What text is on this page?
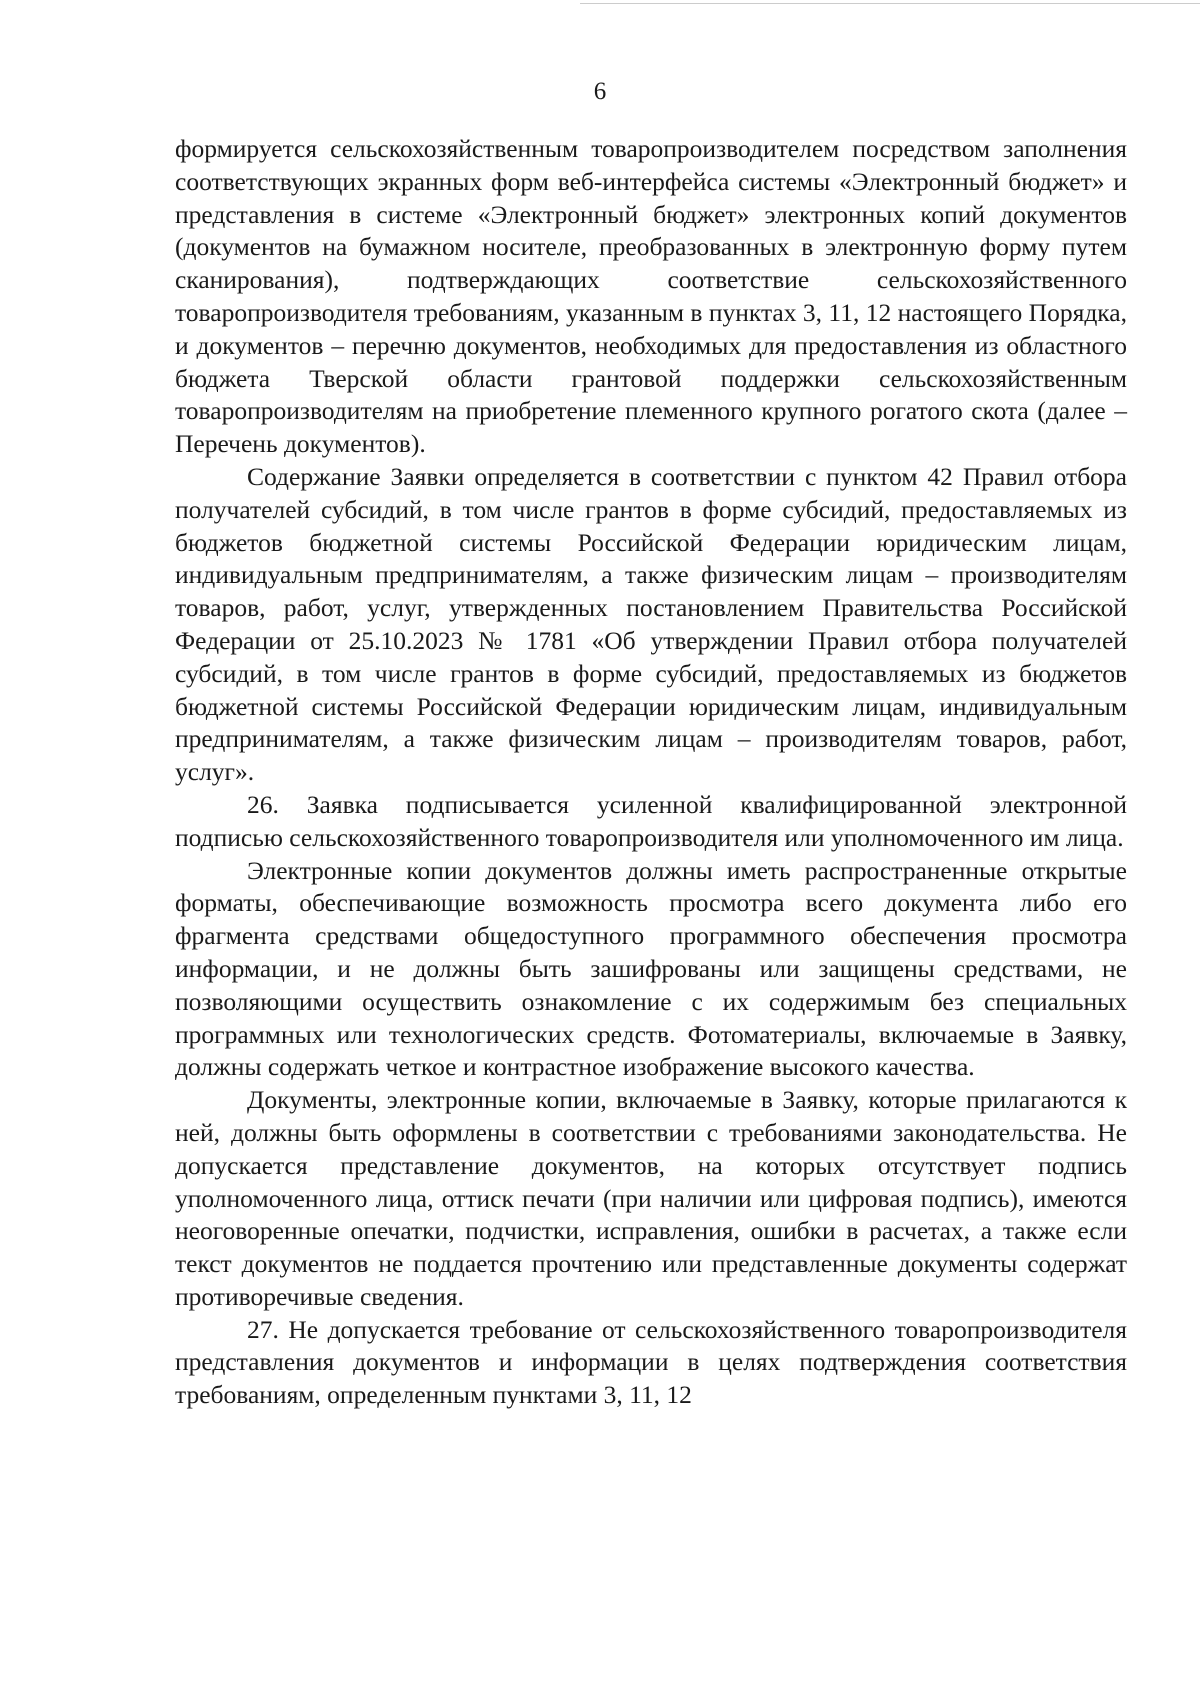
6

формируется сельскохозяйственным товаропроизводителем посредством заполнения соответствующих экранных форм веб-интерфейса системы «Электронный бюджет» и представления в системе «Электронный бюджет» электронных копий документов (документов на бумажном носителе, преобразованных в электронную форму путем сканирования), подтверждающих соответствие сельскохозяйственного товаропроизводителя требованиям, указанным в пунктах 3, 11, 12 настоящего Порядка, и документов – перечню документов, необходимых для предоставления из областного бюджета Тверской области грантовой поддержки сельскохозяйственным товаропроизводителям на приобретение племенного крупного рогатого скота (далее – Перечень документов).

Содержание Заявки определяется в соответствии с пунктом 42 Правил отбора получателей субсидий, в том числе грантов в форме субсидий, предоставляемых из бюджетов бюджетной системы Российской Федерации юридическим лицам, индивидуальным предпринимателям, а также физическим лицам – производителям товаров, работ, услуг, утвержденных постановлением Правительства Российской Федерации от 25.10.2023 № 1781 «Об утверждении Правил отбора получателей субсидий, в том числе грантов в форме субсидий, предоставляемых из бюджетов бюджетной системы Российской Федерации юридическим лицам, индивидуальным предпринимателям, а также физическим лицам – производителям товаров, работ, услуг».

26. Заявка подписывается усиленной квалифицированной электронной подписью сельскохозяйственного товаропроизводителя или уполномоченного им лица.

Электронные копии документов должны иметь распространенные открытые форматы, обеспечивающие возможность просмотра всего документа либо его фрагмента средствами общедоступного программного обеспечения просмотра информации, и не должны быть зашифрованы или защищены средствами, не позволяющими осуществить ознакомление с их содержимым без специальных программных или технологических средств. Фотоматериалы, включаемые в Заявку, должны содержать четкое и контрастное изображение высокого качества.

Документы, электронные копии, включаемые в Заявку, которые прилагаются к ней, должны быть оформлены в соответствии с требованиями законодательства. Не допускается представление документов, на которых отсутствует подпись уполномоченного лица, оттиск печати (при наличии или цифровая подпись), имеются неоговоренные опечатки, подчистки, исправления, ошибки в расчетах, а также если текст документов не поддается прочтению или представленные документы содержат противоречивые сведения.

27. Не допускается требование от сельскохозяйственного товаропроизводителя представления документов и информации в целях подтверждения соответствия требованиям, определенным пунктами 3, 11, 12
